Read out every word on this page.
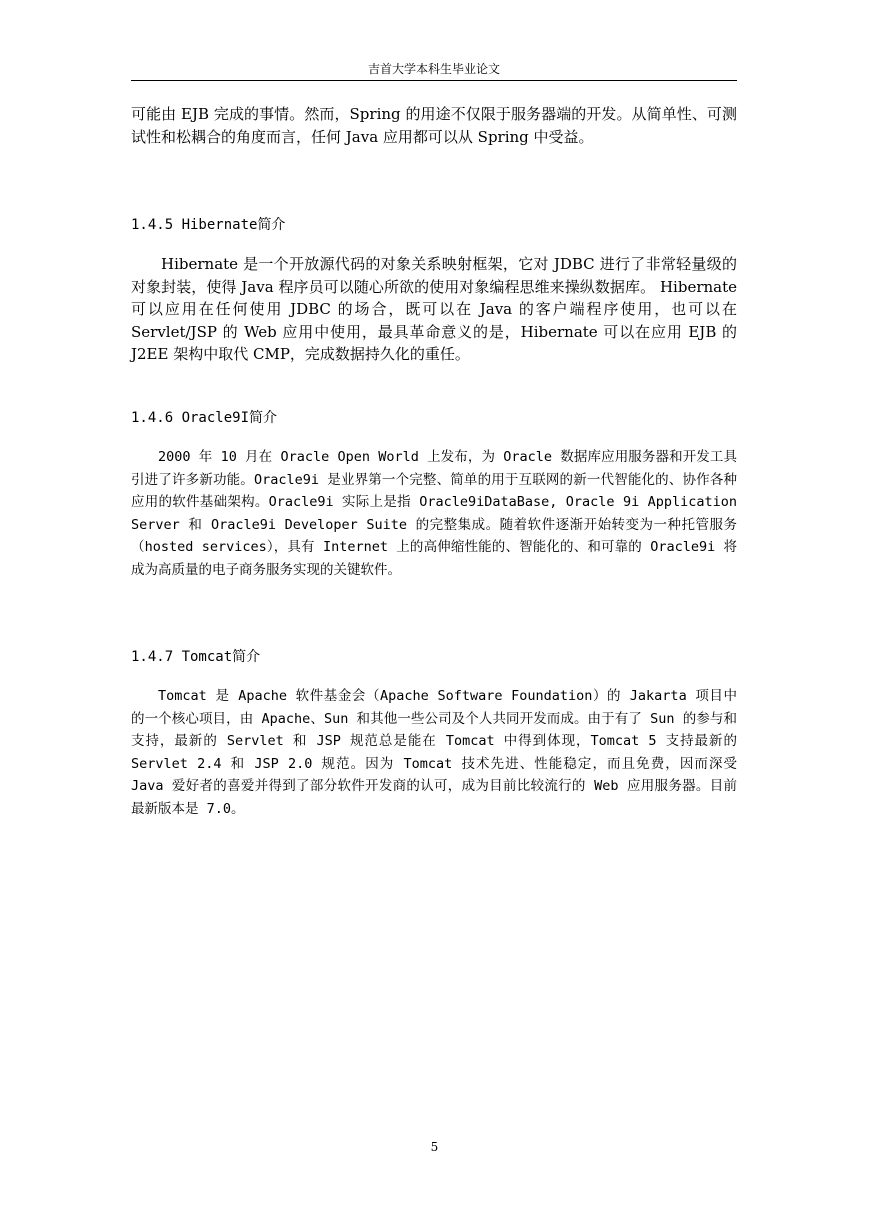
吉首大学本科生毕业论文

可能由 EJB 完成的事情。然而，Spring 的用途不仅限于服务器端的开发。从简单性、可测试性和松耦合的角度而言，任何 Java 应用都可以从 Spring 中受益。

1.4.5 Hibernate简介

Hibernate 是一个开放源代码的对象关系映射框架，它对 JDBC 进行了非常轻量级的对象封装，使得 Java 程序员可以随心所欲的使用对象编程思维来操纵数据库。 Hibernate 可以应用在任何使用 JDBC 的场合，既可以在 Java 的客户端程序使用，也可以在 Servlet/JSP 的 Web 应用中使用，最具革命意义的是，Hibernate 可以在应用 EJB 的 J2EE 架构中取代 CMP，完成数据持久化的重任。

1.4.6 Oracle9I简介

2000 年 10 月在 Oracle Open World 上发布，为 Oracle 数据库应用服务器和开发工具引进了许多新功能。Oracle9i 是业界第一个完整、简单的用于互联网的新一代智能化的、协作各种应用的软件基础架构。Oracle9i 实际上是指 Oracle9iDataBase, Oracle 9i Application Server 和 Oracle9i Developer Suite 的完整集成。随着软件逐渐开始转变为一种托管服务（hosted services），具有 Internet 上的高伸缩性能的、智能化的、和可靠的 Oracle9i 将成为高质量的电子商务服务实现的关键软件。

1.4.7 Tomcat简介

Tomcat 是 Apache 软件基金会（Apache Software Foundation）的 Jakarta 项目中的一个核心项目，由 Apache、Sun 和其他一些公司及个人共同开发而成。由于有了 Sun 的参与和支持，最新的 Servlet 和 JSP 规范总是能在 Tomcat 中得到体现，Tomcat 5 支持最新的 Servlet 2.4 和 JSP 2.0 规范。因为 Tomcat 技术先进、性能稳定，而且免费，因而深受 Java 爱好者的喜爱并得到了部分软件开发商的认可，成为目前比较流行的 Web 应用服务器。目前最新版本是 7.0。

5
